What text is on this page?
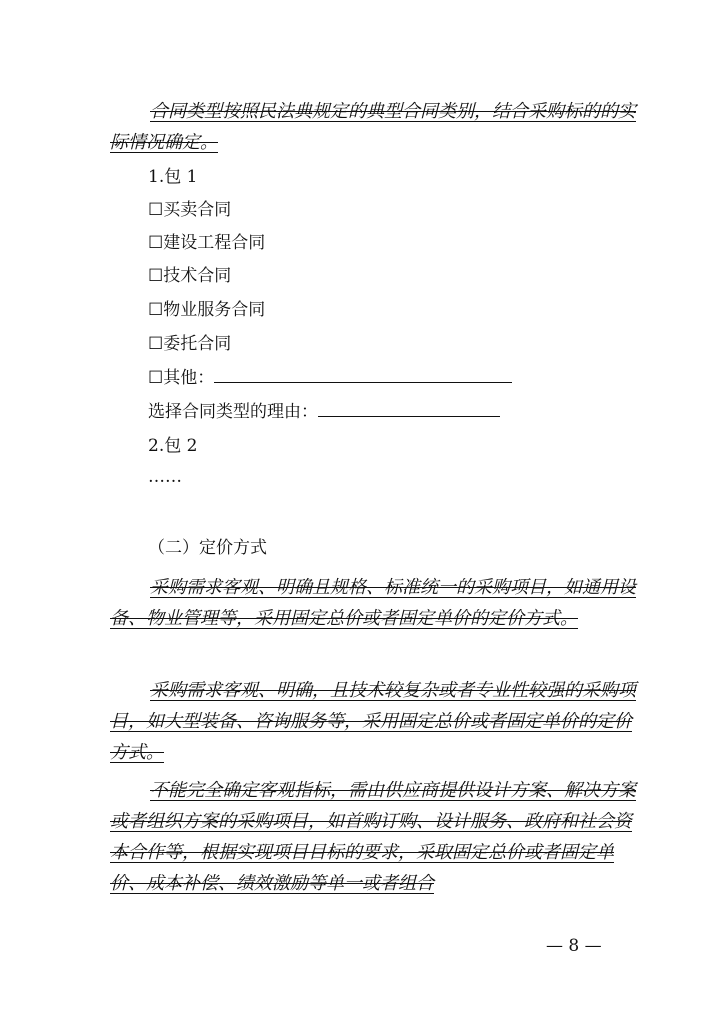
合同类型按照民法典规定的典型合同类别，结合采购标的的实际情况确定。
1.包 1
☐买卖合同
☐建设工程合同
☐技术合同
☐物业服务合同
☐委托合同
☐其他：
选择合同类型的理由：
2.包 2
……
（二）定价方式
采购需求客观、明确且规格、标准统一的采购项目，如通用设备、物业管理等，采用固定总价或者固定单价的定价方式。
采购需求客观、明确，且技术较复杂或者专业性较强的采购项目，如大型装备、咨询服务等，采用固定总价或者固定单价的定价方式。
不能完全确定客观指标，需由供应商提供设计方案、解决方案或者组织方案的采购项目，如首购订购、设计服务、政府和社会资本合作等，根据实现项目目标的要求，采取固定总价或者固定单价、成本补偿、绩效激励等单一或者组合
— 8 —
